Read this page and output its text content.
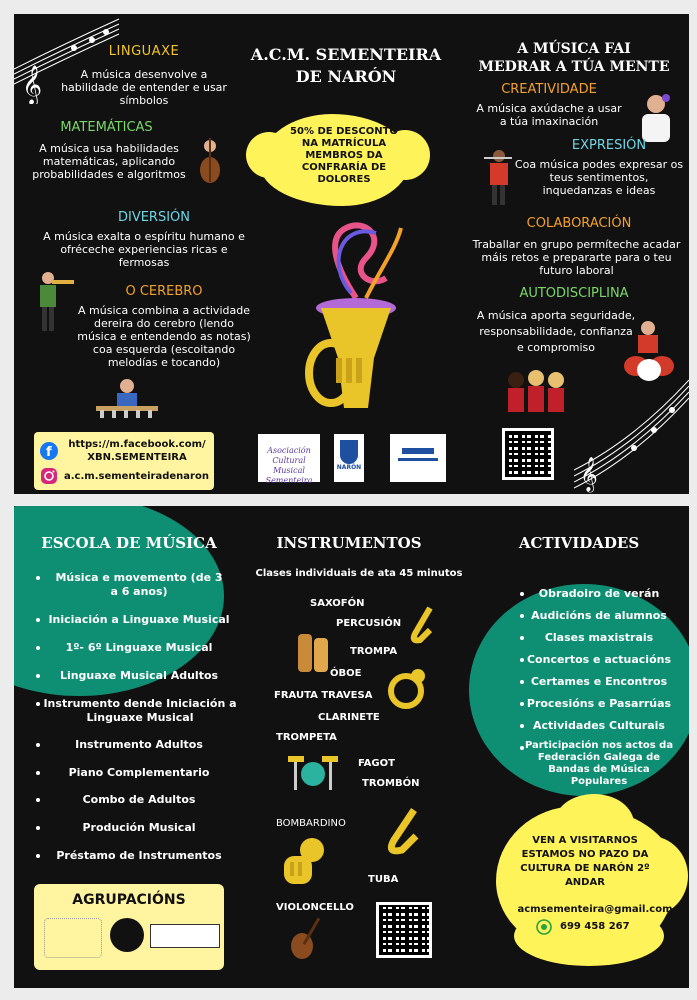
𝄞
LINGUAXE
A música desenvolve a habilidade de entender e usar símbolos
MATEMÁTICAS
A música usa habilidades matemáticas, aplicando probabilidades e algoritmos
DIVERSIÓN
A música exalta o espíritu humano e ofréceche experiencias ricas e fermosas
O CEREBRO
A música combina a actividade dereira do cerebro (lendo música e entendendo as notas) coa esquerda (escoitando melodías e tocando)
f
https://m.facebook.com/ XBN.SEMENTEIRA
a.c.m.sementeiradenaron
A.C.M. SEMENTEIRA
DE NARÓN
50% DE DESCONTO NA MATRÍCULA MEMBROS DA CONFRARÍA DE DOLORES
Asociación Cultural
Musical Sementeira
NARÓN
A MÚSICA FAI
MEDRAR A TÚA MENTE
CREATIVIDADE
A música axúdache a usar a túa imaxinación
EXPRESIÓN
Coa música podes expresar os teus sentimentos, inquedanzas e ideas
COLABORACIÓN
Traballar en grupo permíteche acadar máis retos e prepararte para o teu futuro laboral
AUTODISCIPLINA
A música aporta seguridade, responsabilidade, confianza e compromiso
𝄞
ESCOLA DE MÚSICA
Música e movemento (de 3 a 6 anos)
Iniciación a Linguaxe Musical
1º- 6º Linguaxe Musical
Linguaxe Musical Adultos
Instrumento dende Iniciación a Linguaxe Musical
Instrumento Adultos
Piano Complementario
Combo de Adultos
Produción Musical
Préstamo de Instrumentos
AGRUPACIÓNS
INSTRUMENTOS
Clases individuais de ata 45 minutos
SAXOFÓN
PERCUSIÓN
TROMPA
ÓBOE
FRAUTA TRAVESA
CLARINETE
TROMPETA
FAGOT
TROMBÓN
BOMBARDINO
TUBA
VIOLONCELLO
ACTIVIDADES
Obradoiro de verán
Audicións de alumnos
Clases maxistrais
Concertos e actuacións
Certames e Encontros
Procesións e Pasarrúas
Actividades Culturais
Participación nos actos da Federación Galega de Bandas de Música Populares
VEN A VISITARNOS ESTAMOS NO PAZO DA CULTURA DE NARÓN 2º ANDAR
acmsementeira@gmail.com
699 458 267
